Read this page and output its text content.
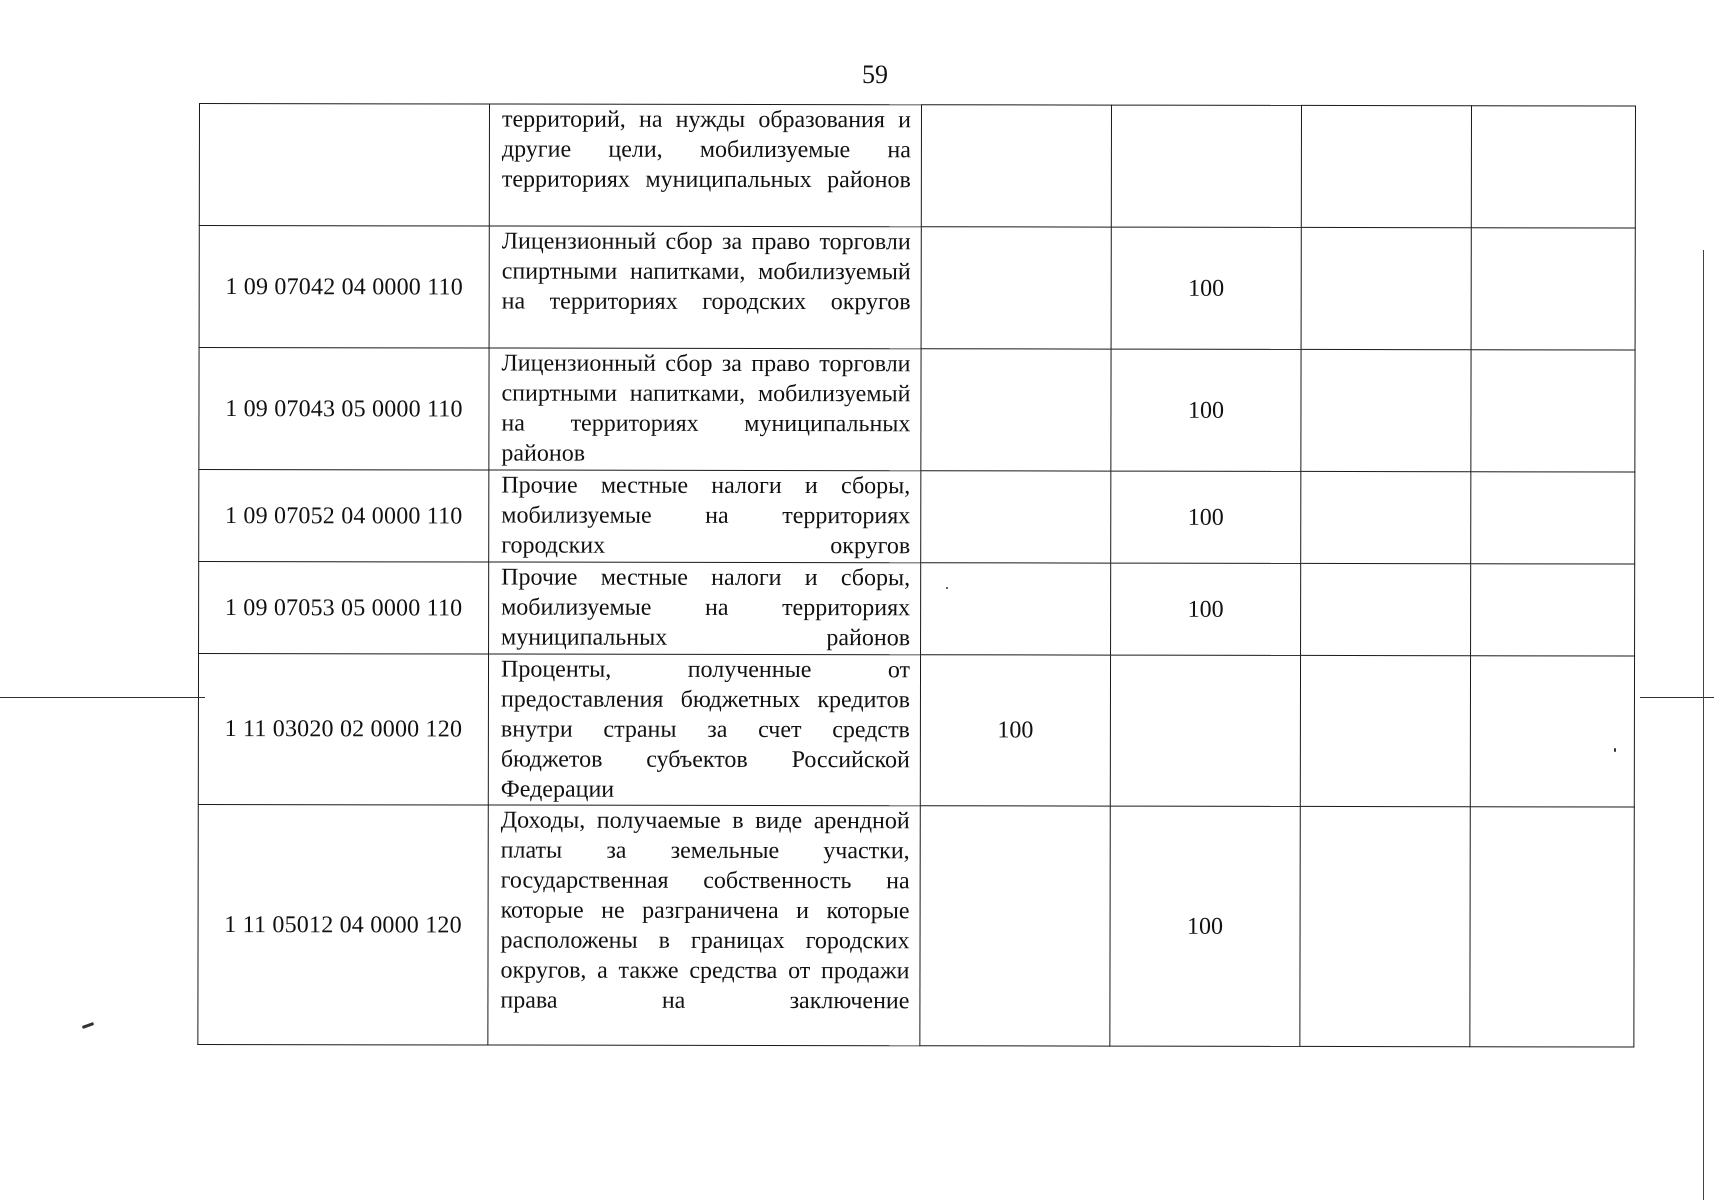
59
	территорий, на нужды образования и другие цели, мобилизуемые на территориях муниципальных районов				
1 09 07042 04 0000 110	Лицензионный сбор за право торговли спиртными напитками, мобилизуемый на территориях городских округов		100		
1 09 07043 05 0000 110	Лицензионный сбор за право торговли спиртными напитками, мобилизуемый на территориях муниципальных районов		100		
1 09 07052 04 0000 110	Прочие местные налоги и сборы, мобилизуемые на территориях городских округов		100		
1 09 07053 05 0000 110	Прочие местные налоги и сборы, мобилизуемые на территориях муниципальных районов		100		
1 11 03020 02 0000 120	Проценты, полученные от предоставления бюджетных кредитов внутри страны за счет средств бюджетов субъектов Российской Федерации	100			
1 11 05012 04 0000 120	Доходы, получаемые в виде арендной платы за земельные участки, государственная собственность на которые не разграничена и которые расположены в границах городских округов, а также средства от продажи права на заключение		100		
